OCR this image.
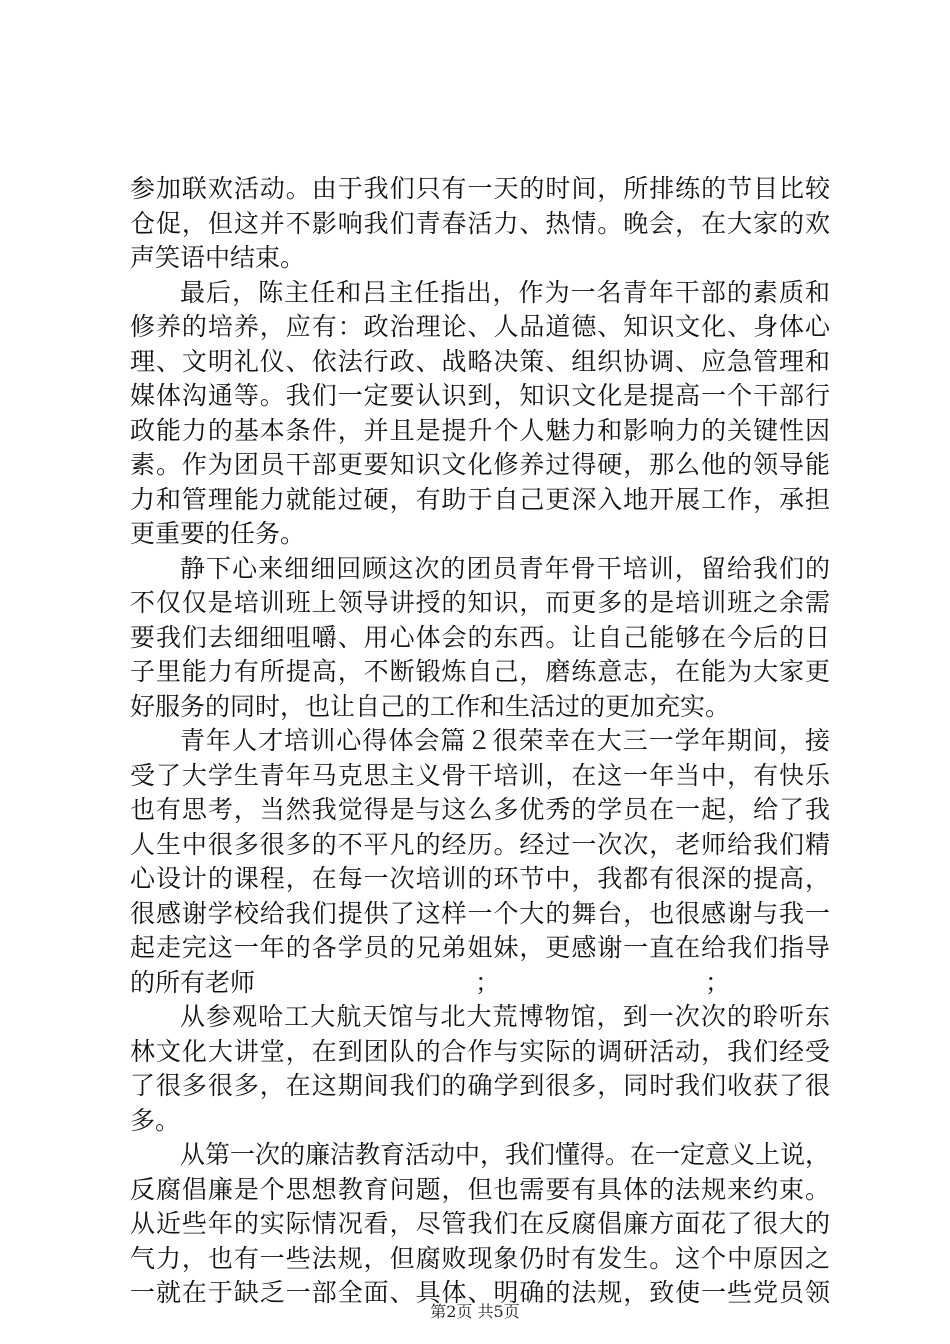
参加联欢活动。由于我们只有一天的时间，所排练的节目比较
仓促，但这并不影响我们青春活力、热情。晚会，在大家的欢
声笑语中结束。
最后，陈主任和吕主任指出，作为一名青年干部的素质和
修养的培养，应有：政治理论、人品道德、知识文化、身体心
理、文明礼仪、依法行政、战略决策、组织协调、应急管理和
媒体沟通等。我们一定要认识到，知识文化是提高一个干部行
政能力的基本条件，并且是提升个人魅力和影响力的关键性因
素。作为团员干部更要知识文化修养过得硬，那么他的领导能
力和管理能力就能过硬，有助于自己更深入地开展工作，承担
更重要的任务。
静下心来细细回顾这次的团员青年骨干培训，留给我们的
不仅仅是培训班上领导讲授的知识，而更多的是培训班之余需
要我们去细细咀嚼、用心体会的东西。让自己能够在今后的日
子里能力有所提高，不断锻炼自己，磨练意志，在能为大家更
好服务的同时，也让自己的工作和生活过的更加充实。
青年人才培训心得体会篇２很荣幸在大三一学年期间，接
受了大学生青年马克思主义骨干培训，在这一年当中，有快乐
也有思考，当然我觉得是与这么多优秀的学员在一起，给了我
人生中很多很多的不平凡的经历。经过一次次，老师给我们精
心设计的课程，在每一次培训的环节中，我都有很深的提高，
很感谢学校给我们提供了这样一个大的舞台，也很感谢与我一
起走完这一年的各学员的兄弟姐妹，更感谢一直在给我们指导
的所有老师	；	；
从参观哈工大航天馆与北大荒博物馆，到一次次的聆听东
林文化大讲堂，在到团队的合作与实际的调研活动，我们经受
了很多很多，在这期间我们的确学到很多，同时我们收获了很
多。
从第一次的廉洁教育活动中，我们懂得。在一定意义上说，
反腐倡廉是个思想教育问题，但也需要有具体的法规来约束。
从近些年的实际情况看，尽管我们在反腐倡廉方面花了很大的
气力，也有一些法规，但腐败现象仍时有发生。这个中原因之
一就在于缺乏一部全面、具体、明确的法规，致使一些党员领
第2页 共5页
